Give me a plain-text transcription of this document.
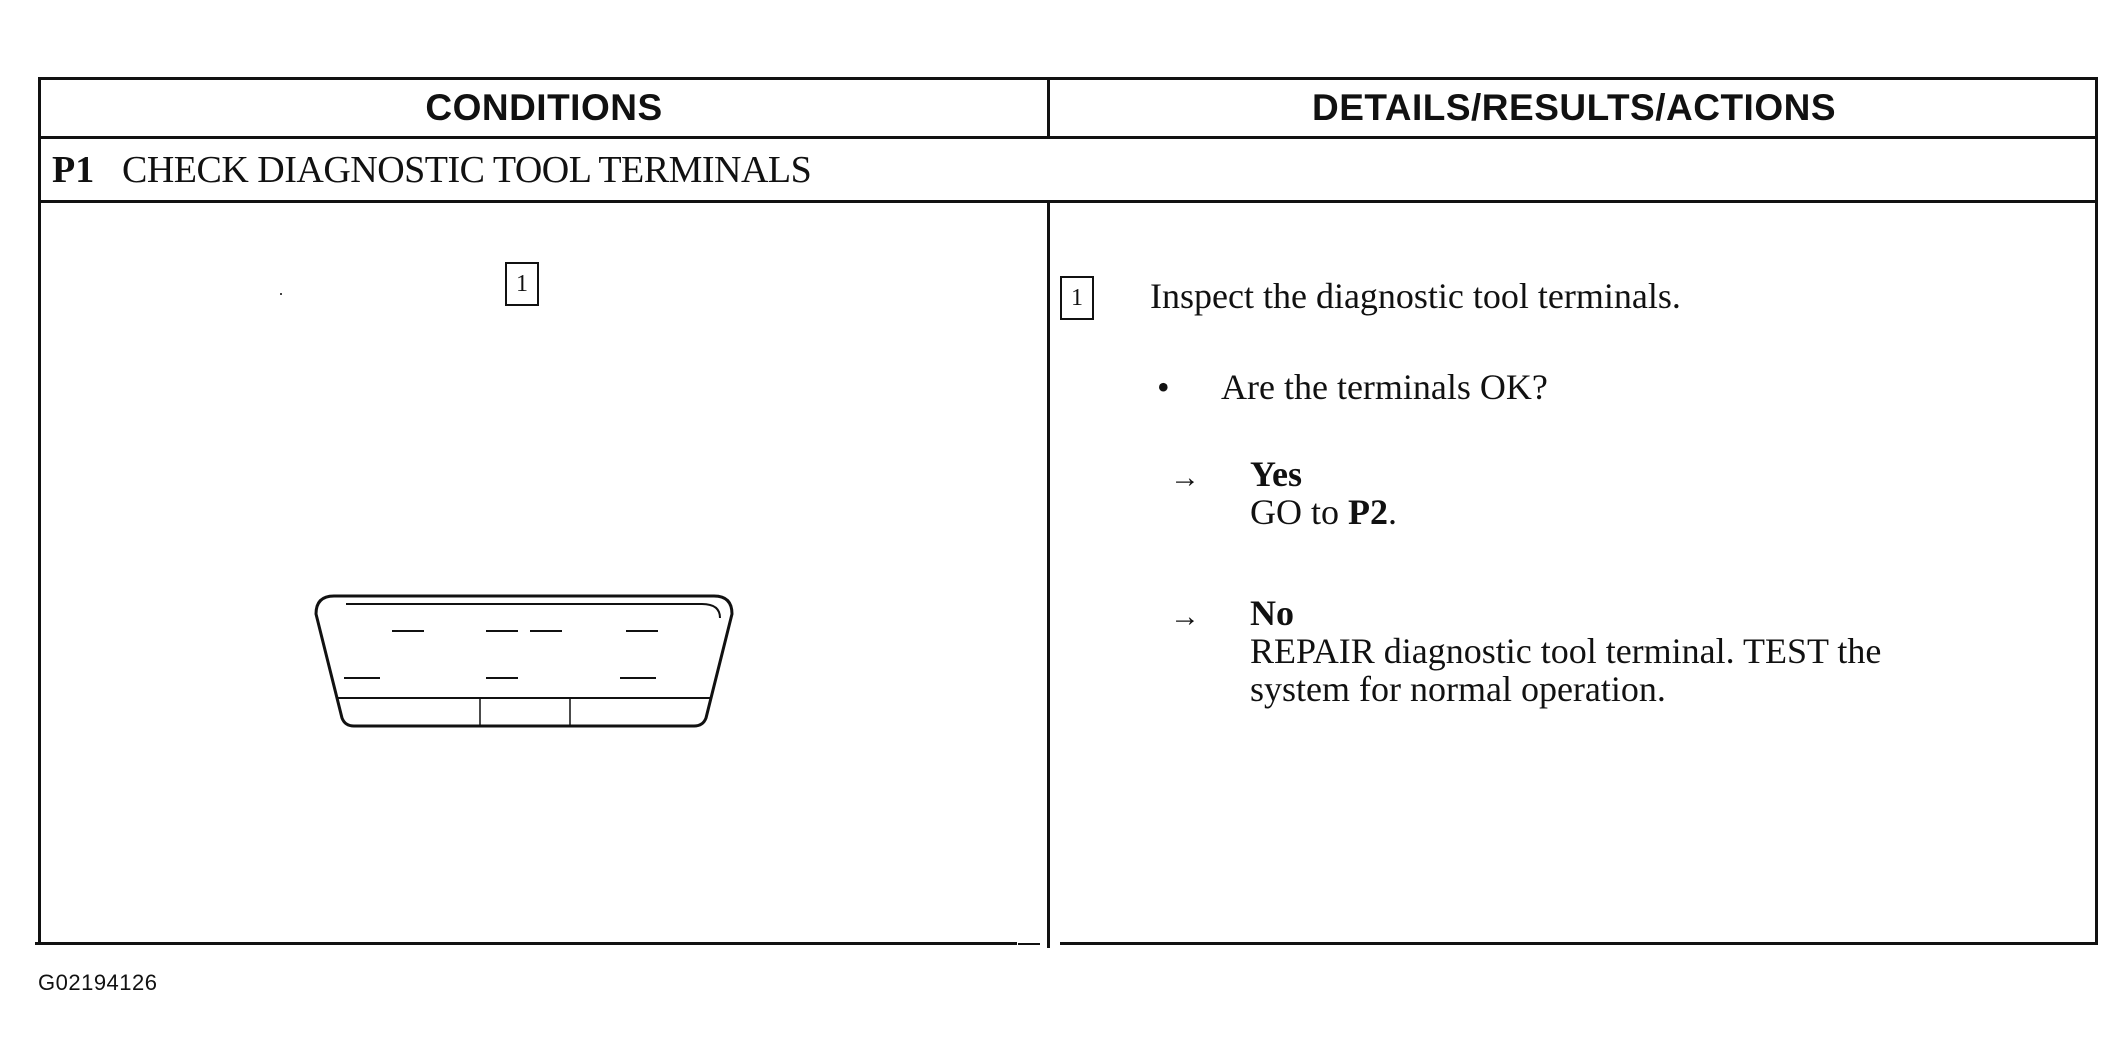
CONDITIONS	DETAILS/RESULTS/ACTIONS
P1 CHECK DIAGNOSTIC TOOL TERMINALS
1
1	Inspect the diagnostic tool terminals.
• Are the terminals OK?
→ Yes
GO to P2.
→ No
REPAIR diagnostic tool terminal. TEST the
system for normal operation.
G02194126
